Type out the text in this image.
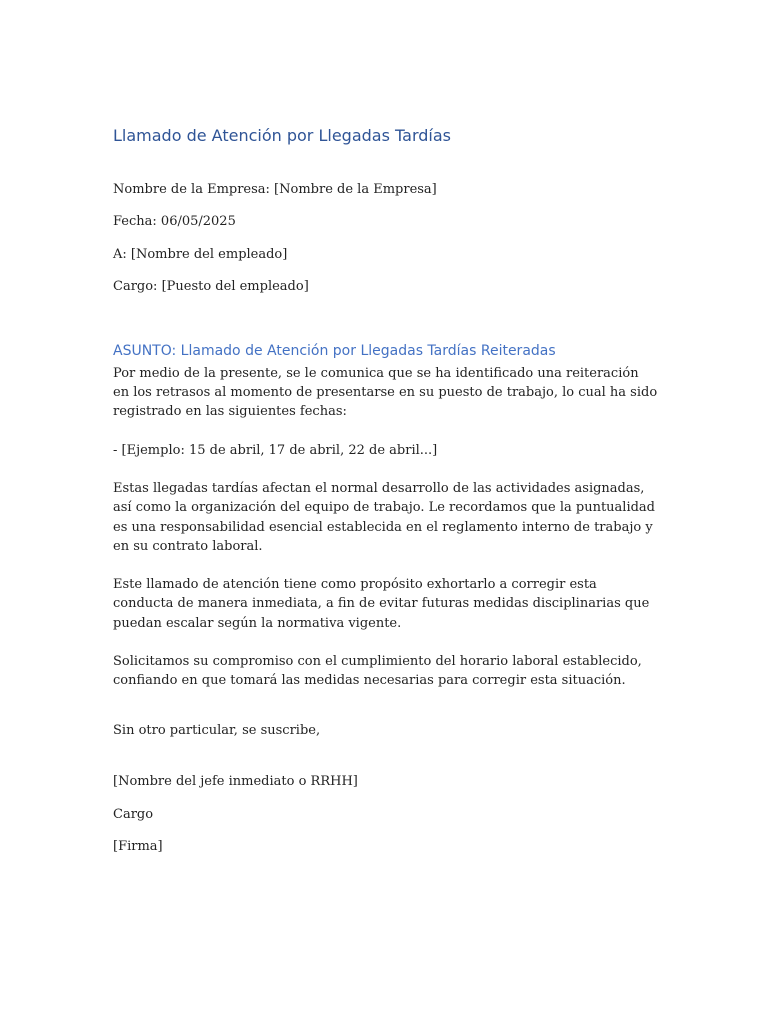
Llamado de Atención por Llegadas Tardías

Nombre de la Empresa: [Nombre de la Empresa]

Fecha: 06/05/2025

A: [Nombre del empleado]

Cargo: [Puesto del empleado]

ASUNTO: Llamado de Atención por Llegadas Tardías Reiteradas

Por medio de la presente, se le comunica que se ha identificado una reiteración en los retrasos al momento de presentarse en su puesto de trabajo, lo cual ha sido registrado en las siguientes fechas:

- [Ejemplo: 15 de abril, 17 de abril, 22 de abril...]

Estas llegadas tardías afectan el normal desarrollo de las actividades asignadas, así como la organización del equipo de trabajo. Le recordamos que la puntualidad es una responsabilidad esencial establecida en el reglamento interno de trabajo y en su contrato laboral.

Este llamado de atención tiene como propósito exhortarlo a corregir esta conducta de manera inmediata, a fin de evitar futuras medidas disciplinarias que puedan escalar según la normativa vigente.

Solicitamos su compromiso con el cumplimiento del horario laboral establecido, confiando en que tomará las medidas necesarias para corregir esta situación.

Sin otro particular, se suscribe,

[Nombre del jefe inmediato o RRHH]

Cargo

[Firma]
